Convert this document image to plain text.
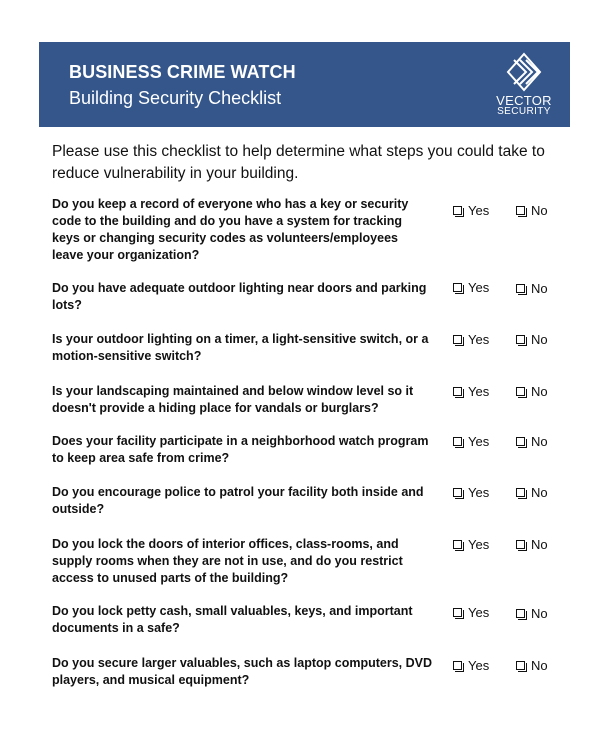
BUSINESS CRIME WATCH
Building Security Checklist	VECTOR
SECURITY
Please use this checklist to help determine what steps you could take to reduce vulnerability in your building.
Do you keep a record of everyone who has a key or security code to the building and do you have a system for tracking keys or changing security codes as volunteers/employees leave your organization?
Yes	No
Do you have adequate outdoor lighting near doors and parking lots?
Yes	No
Is your outdoor lighting on a timer, a light-sensitive switch, or a motion-sensitive switch?
Yes	No
Is your landscaping maintained and below window level so it doesn't provide a hiding place for vandals or burglars?
Yes	No
Does your facility participate in a neighborhood watch program to keep area safe from crime?
Yes	No
Do you encourage police to patrol your facility both inside and outside?
Yes	No
Do you lock the doors of interior offices, class-rooms, and supply rooms when they are not in use, and do you restrict access to unused parts of the building?
Yes	No
Do you lock petty cash, small valuables, keys, and important documents in a safe?
Yes	No
Do you secure larger valuables, such as laptop computers, DVD players, and musical equipment?
Yes	No
